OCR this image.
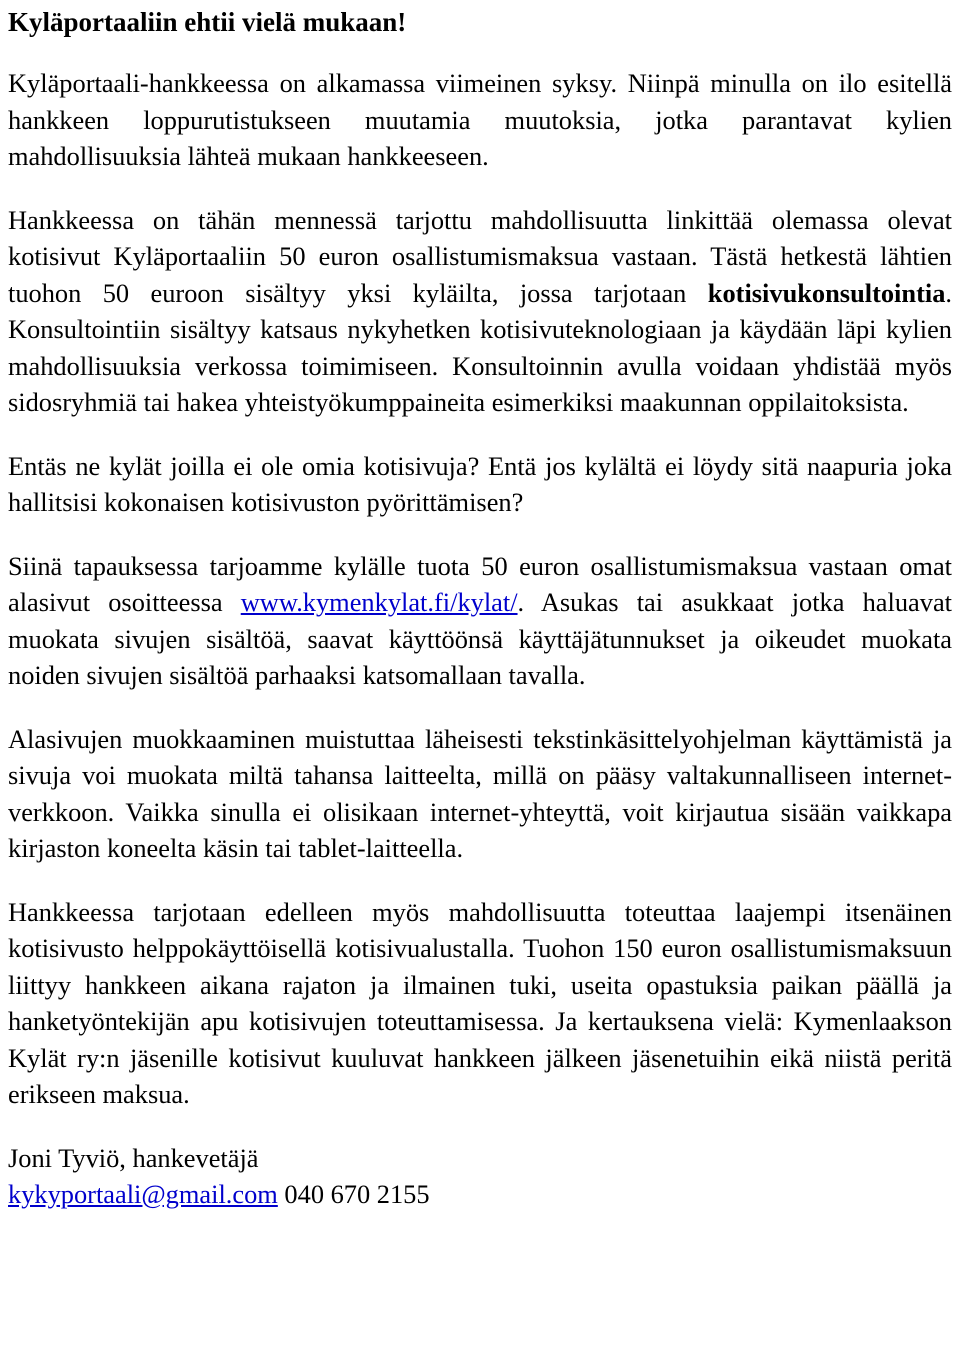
Kyläportaaliin ehtii vielä mukaan!

Kyläportaali-hankkeessa on alkamassa viimeinen syksy. Niinpä minulla on ilo esitellä hankkeen loppurutistukseen muutamia muutoksia, jotka parantavat kylien mahdollisuuksia lähteä mukaan hankkeeseen.

Hankkeessa on tähän mennessä tarjottu mahdollisuutta linkittää olemassa olevat kotisivut Kyläportaaliin 50 euron osallistumismaksua vastaan. Tästä hetkestä lähtien tuohon 50 euroon sisältyy yksi kyläilta, jossa tarjotaan kotisivukonsultointia. Konsultointiin sisältyy katsaus nykyhetken kotisivuteknologiaan ja käydään läpi kylien mahdollisuuksia verkossa toimimiseen. Konsultoinnin avulla voidaan yhdistää myös sidosryhmiä tai hakea yhteistyökumppaineita esimerkiksi maakunnan oppilaitoksista.

Entäs ne kylät joilla ei ole omia kotisivuja? Entä jos kylältä ei löydy sitä naapuria joka hallitsisi kokonaisen kotisivuston pyörittämisen?

Siinä tapauksessa tarjoamme kylälle tuota 50 euron osallistumismaksua vastaan omat alasivut osoitteessa www.kymenkylat.fi/kylat/. Asukas tai asukkaat jotka haluavat muokata sivujen sisältöä, saavat käyttöönsä käyttäjätunnukset ja oikeudet muokata noiden sivujen sisältöä parhaaksi katsomallaan tavalla.

Alasivujen muokkaaminen muistuttaa läheisesti tekstinkäsittelyohjelman käyttämistä ja sivuja voi muokata miltä tahansa laitteelta, millä on pääsy valtakunnalliseen internet-verkkoon. Vaikka sinulla ei olisikaan internet-yhteyttä, voit kirjautua sisään vaikkapa kirjaston koneelta käsin tai tablet-laitteella.

Hankkeessa tarjotaan edelleen myös mahdollisuutta toteuttaa laajempi itsenäinen kotisivusto helppokäyttöisellä kotisivualustalla. Tuohon 150 euron osallistumismaksuun liittyy hankkeen aikana rajaton ja ilmainen tuki, useita opastuksia paikan päällä ja hanketyöntekijän apu kotisivujen toteuttamisessa. Ja kertauksena vielä: Kymenlaakson Kylät ry:n jäsenille kotisivut kuuluvat hankkeen jälkeen jäsenetuihin eikä niistä peritä erikseen maksua.

Joni Tyviö, hankevetäjä
kykyportaali@gmail.com 040 670 2155
